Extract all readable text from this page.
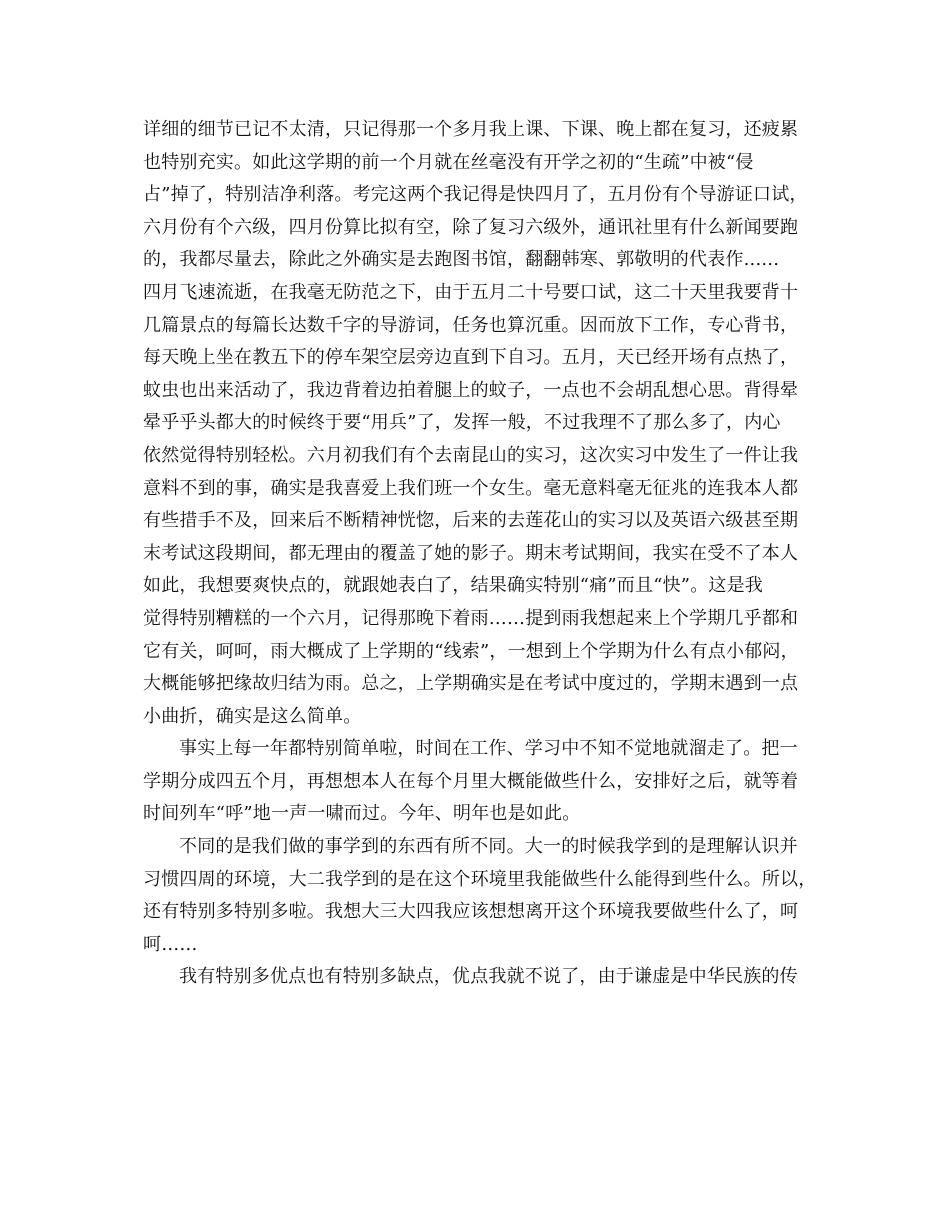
详细的细节已记不太清，只记得那一个多月我上课、下课、晚上都在复习，还疲累
也特别充实。如此这学期的前一个月就在丝毫没有开学之初的“生疏”中被“侵
占”掉了，特别洁净利落。考完这两个我记得是快四月了，五月份有个导游证口试，
六月份有个六级，四月份算比拟有空，除了复习六级外，通讯社里有什么新闻要跑
的，我都尽量去，除此之外确实是去跑图书馆，翻翻韩寒、郭敬明的代表作......
四月飞速流逝，在我毫无防范之下，由于五月二十号要口试，这二十天里我要背十
几篇景点的每篇长达数千字的导游词，任务也算沉重。因而放下工作，专心背书，
每天晚上坐在教五下的停车架空层旁边直到下自习。五月，天已经开场有点热了，
蚊虫也出来活动了，我边背着边拍着腿上的蚊子，一点也不会胡乱想心思。背得晕
晕乎乎头都大的时候终于要“用兵”了，发挥一般，不过我理不了那么多了，内心
依然觉得特别轻松。六月初我们有个去南昆山的实习，这次实习中发生了一件让我
意料不到的事，确实是我喜爱上我们班一个女生。毫无意料毫无征兆的连我本人都
有些措手不及，回来后不断精神恍惚，后来的去莲花山的实习以及英语六级甚至期
末考试这段期间，都无理由的覆盖了她的影子。期末考试期间，我实在受不了本人
如此，我想要爽快点的，就跟她表白了，结果确实特别“痛”而且“快”。这是我
觉得特别糟糕的一个六月，记得那晚下着雨……提到雨我想起来上个学期几乎都和
它有关，呵呵，雨大概成了上学期的“线索”，一想到上个学期为什么有点小郁闷，
大概能够把缘故归结为雨。总之，上学期确实是在考试中度过的，学期末遇到一点
小曲折，确实是这么简单。
事实上每一年都特别简单啦，时间在工作、学习中不知不觉地就溜走了。把一
学期分成四五个月，再想想本人在每个月里大概能做些什么，安排好之后，就等着
时间列车“呼”地一声一啸而过。今年、明年也是如此。
不同的是我们做的事学到的东西有所不同。大一的时候我学到的是理解认识并
习惯四周的环境，大二我学到的是在这个环境里我能做些什么能得到些什么。所以，
还有特别多特别多啦。我想大三大四我应该想想离开这个环境我要做些什么了，呵
呵……
我有特别多优点也有特别多缺点，优点我就不说了，由于谦虚是中华民族的传
